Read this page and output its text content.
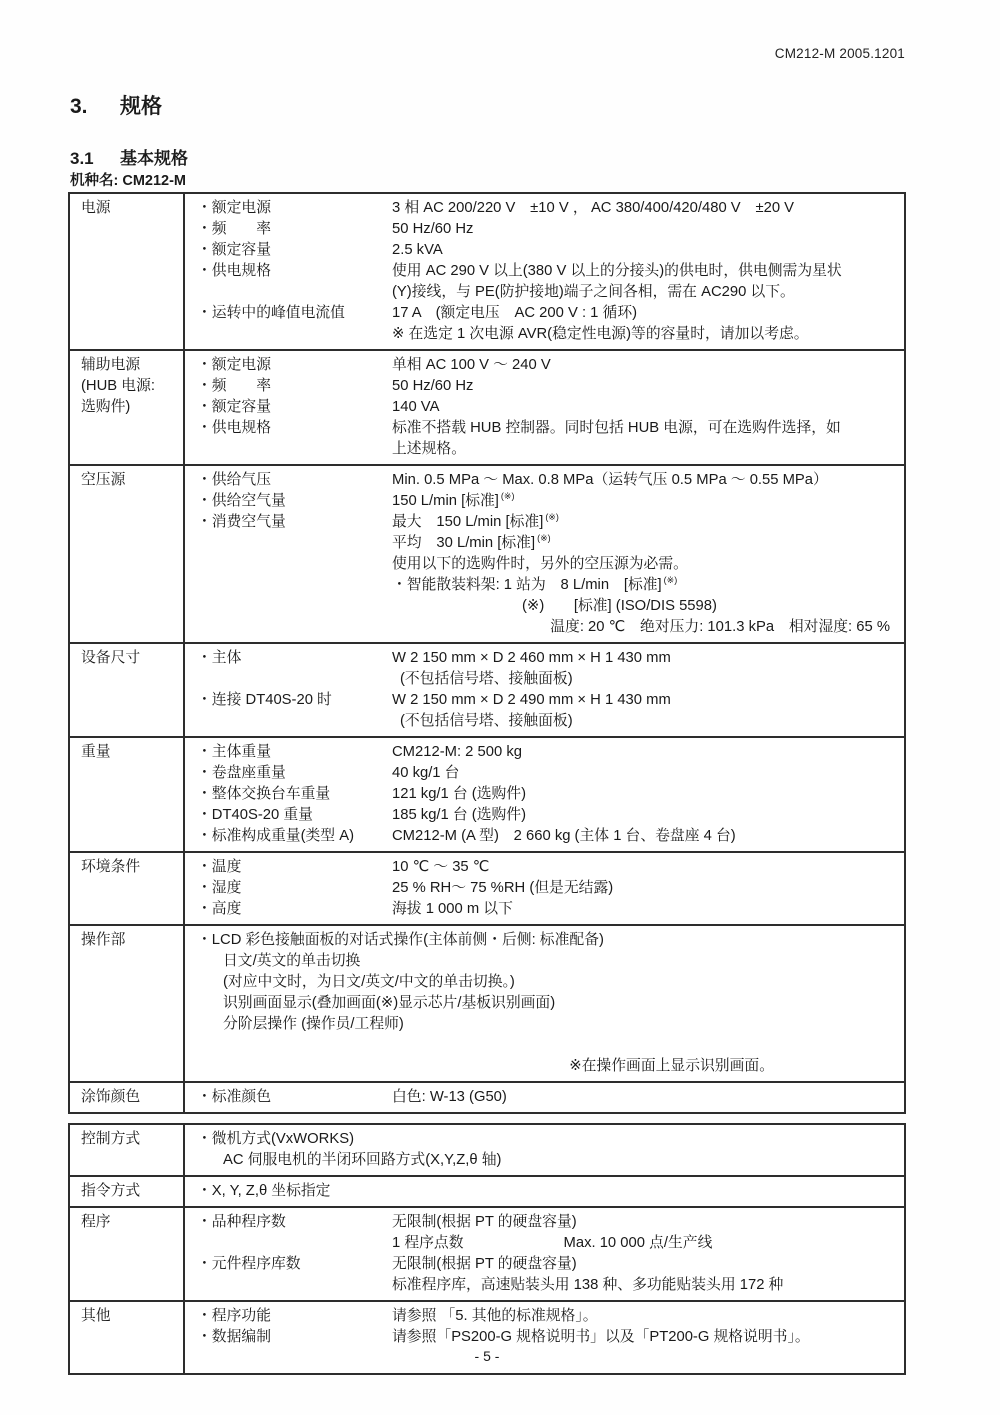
CM212-M 2005.1201
3. 规格
3.1 基本规格
机种名: CM212-M
电源	・额定电源	3 相 AC 200/220 V　±10 V ， AC 380/400/420/480 V　±20 V
・频　　率	50 Hz/60 Hz
・额定容量	2.5 kVA
・供电规格	使用 AC 290 V 以上(380 V 以上的分接头)的供电时，供电侧需为星状
(Y)接线，与 PE(防护接地)端子之间各相，需在 AC290 以下。
・运转中的峰值电流值	17 A　(额定电压　AC 200 V : 1 循环)
※ 在选定 1 次电源 AVR(稳定性电源)等的容量时，请加以考虑。
辅助电源
(HUB 电源:
选购件)
・额定电源	单相 AC 100 V ～ 240 V
・频　　率	50 Hz/60 Hz
・额定容量	140 VA
・供电规格	标准不搭载 HUB 控制器。同时包括 HUB 电源，可在选购件选择，如
上述规格。
空压源	・供给气压	Min. 0.5 MPa ～ Max. 0.8 MPa（运转气压 0.5 MPa ～ 0.55 MPa）
・供给空气量	150 L/min [标准] (※)
・消费空气量	最大　150 L/min [标准] (※)
平均　30 L/min [标准] (※)
使用以下的选购件时，另外的空压源为必需。
・智能散装料架: 1 站为　8 L/min　[标准] (※)
(※)　　[标准] (ISO/DIS 5598)
温度: 20 ℃　绝对压力: 101.3 kPa　相对湿度: 65 %
设备尺寸	・主体	W 2 150 mm × D 2 460 mm × H 1 430 mm
(不包括信号塔、接触面板)
・连接 DT40S-20 时	W 2 150 mm × D 2 490 mm × H 1 430 mm
(不包括信号塔、接触面板)
重量	・主体重量	CM212-M: 2 500 kg
・卷盘座重量	40 kg/1 台
・整体交换台车重量	121 kg/1 台 (选购件)
・DT40S-20 重量	185 kg/1 台 (选购件)
・标准构成重量(类型 A)	CM212-M (A 型)　2 660 kg (主体 1 台、卷盘座 4 台)
环境条件	・温度	10 ℃ ～ 35 ℃
・湿度	25 % RH～ 75 %RH (但是无结露)
・高度	海拔 1 000 m 以下
操作部	・LCD 彩色接触面板的对话式操作(主体前侧・后侧: 标准配备)
日文/英文的单击切换
(对应中文时，为日文/英文/中文的单击切换。)
识别画面显示(叠加画面(※)显示芯片/基板识别画面)
分阶层操作 (操作员/工程师)
※在操作画面上显示识别画面。
涂饰颜色	・标准颜色	白色: W-13 (G50)
控制方式	・微机方式(VxWORKS)
AC 伺服电机的半闭环回路方式(X,Y,Z,θ 轴)
指令方式	・X, Y, Z,θ 坐标指定
程序	・品种程序数	无限制(根据 PT 的硬盘容量)
1 程序点数	Max. 10 000 点/生产线
・元件程序库数	无限制(根据 PT 的硬盘容量)
标准程序库，高速贴装头用 138 种、多功能贴装头用 172 种
其他	・程序功能	请参照 「5. 其他的标准规格」。
・数据编制	请参照「PS200-G 规格说明书」以及「PT200-G 规格说明书」。
- 5 -
